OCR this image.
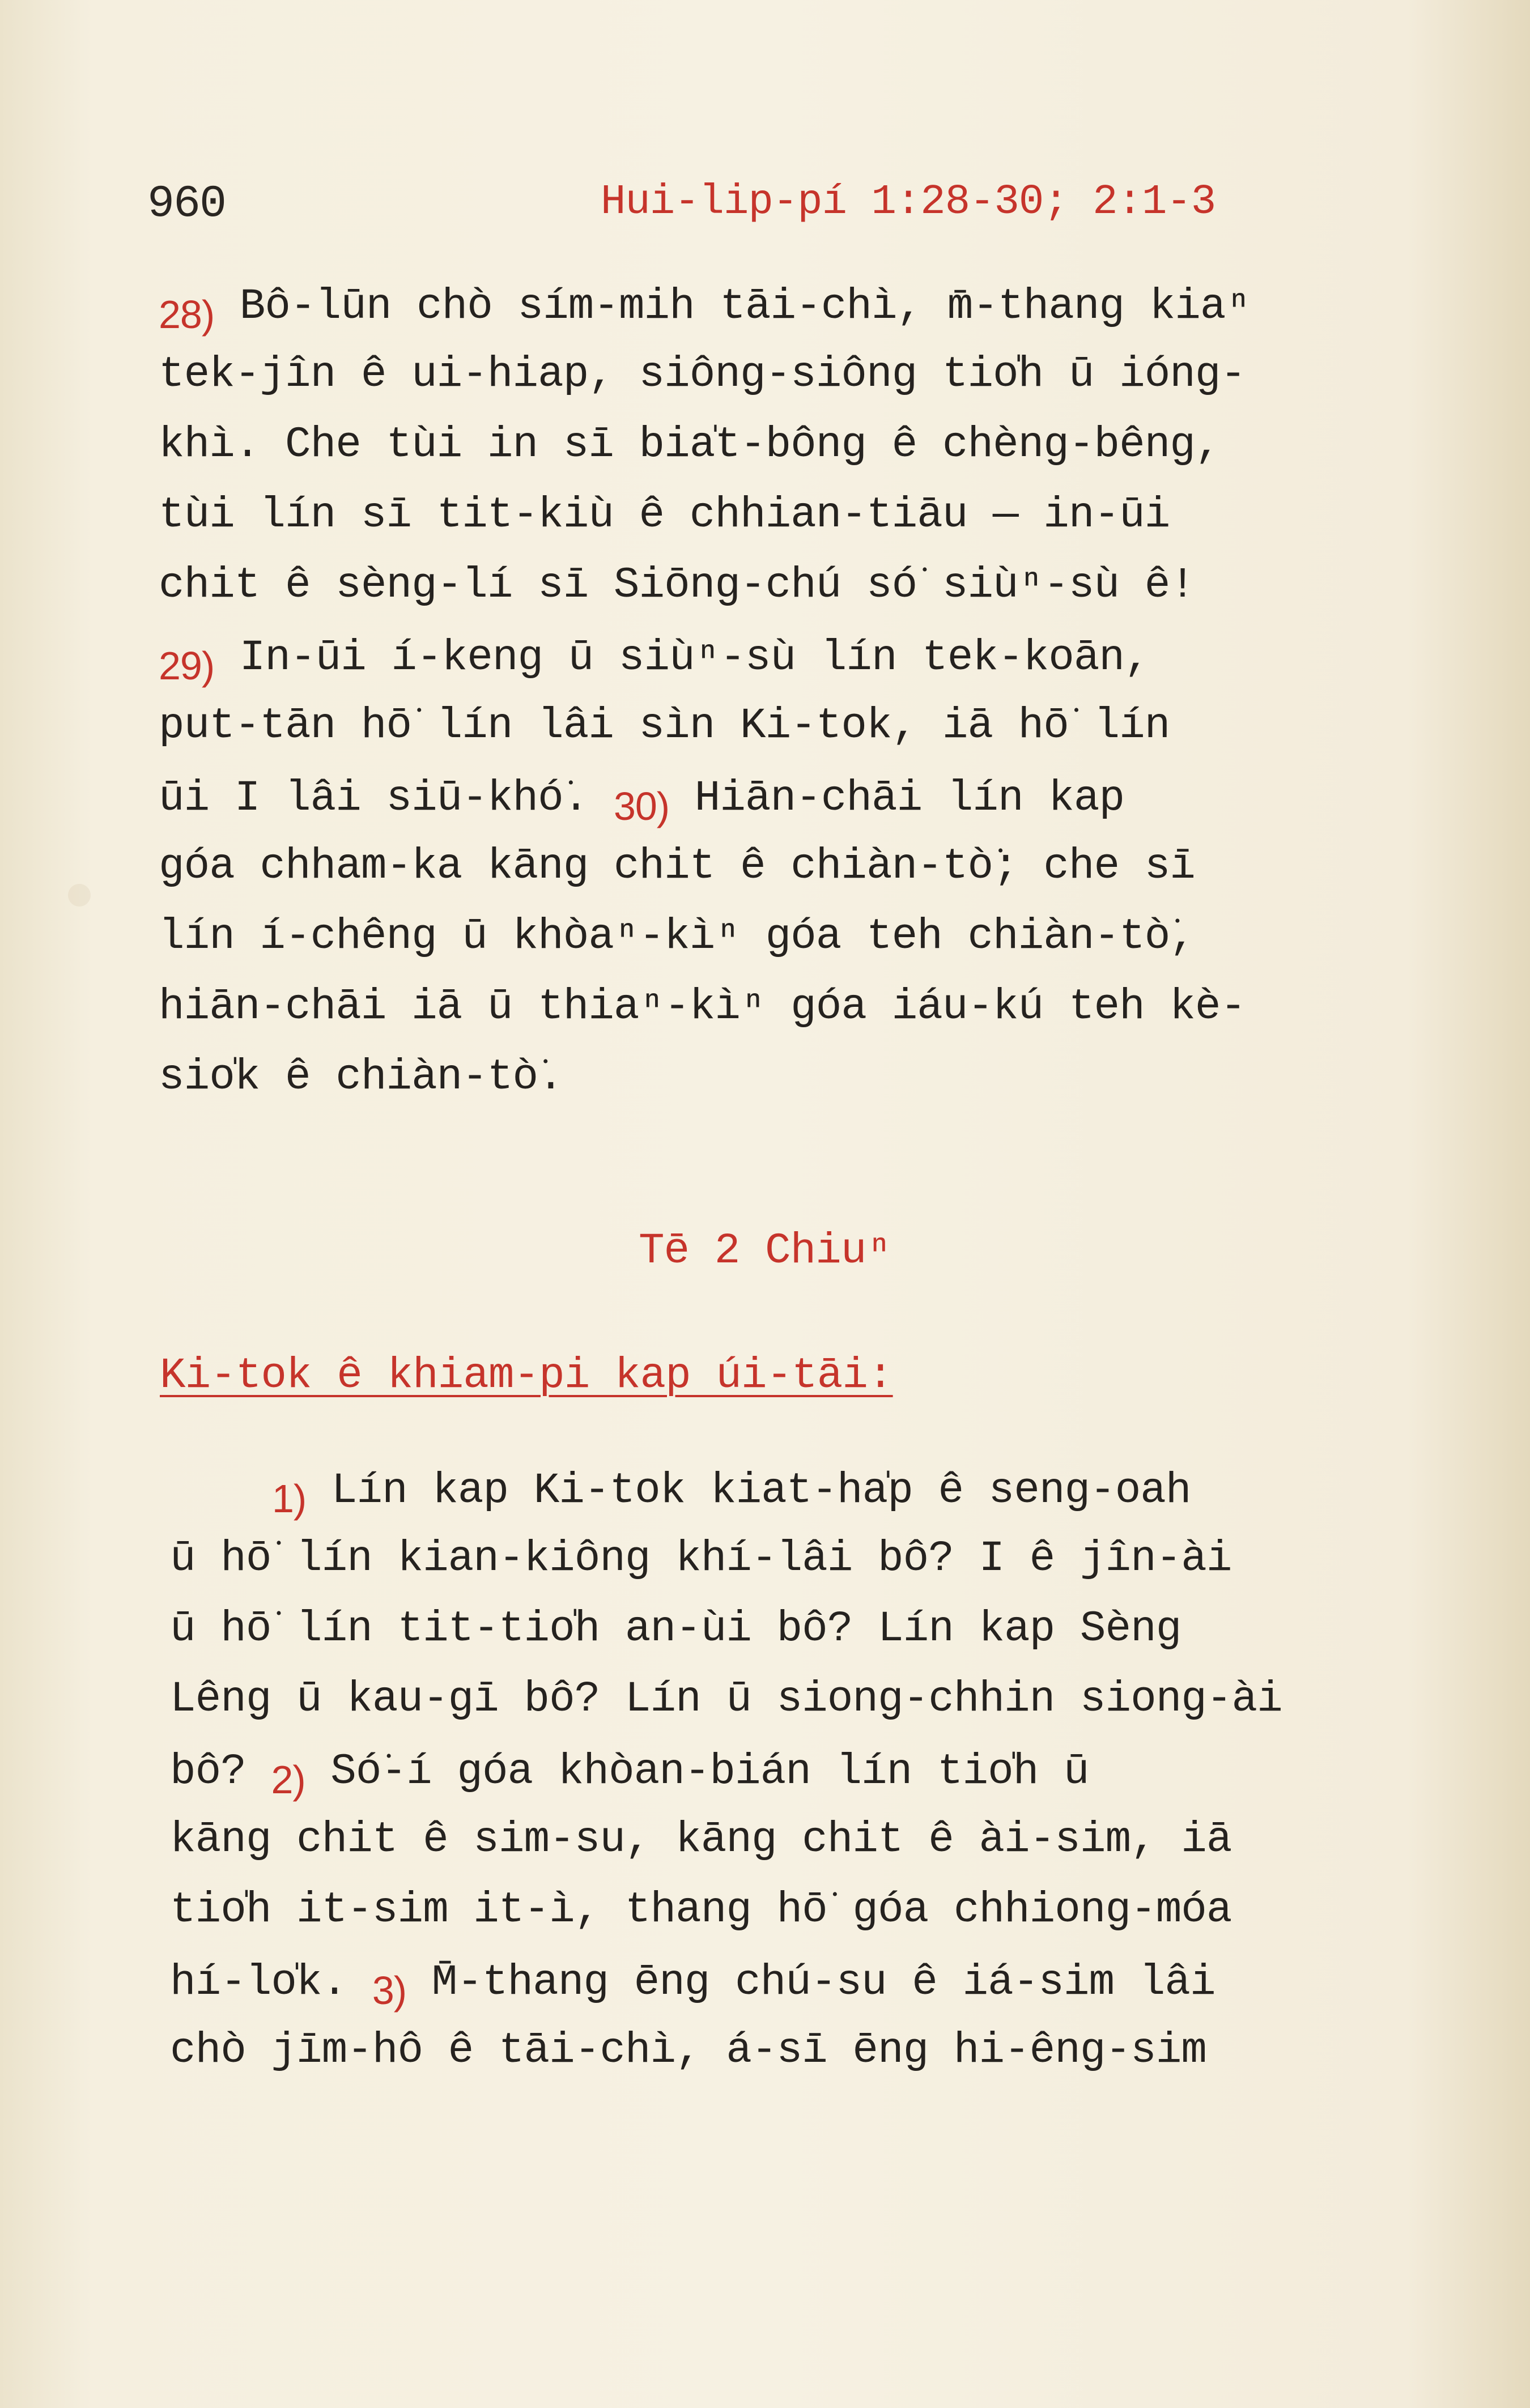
960	Hui-lip-pí 1:28-30; 2:1-3
28) Bô-lūn chò sím-mih tāi-chì, m̄-thang kiaⁿ
tek-jîn ê ui-hiap, siông-siông tio̍h ū ióng-
khì. Che tùi in sī bia̍t-bông ê chèng-bêng,
tùi lín sī tit-kiù ê chhian-tiāu — in-ūi
chit ê sèng-lí sī Siōng-chú só͘ siùⁿ-sù ê!
29) In-ūi í-keng ū siùⁿ-sù lín tek-koān,
put-tān hō͘ lín lâi sìn Ki-tok, iā hō͘ lín
ūi I lâi siū-khó͘. 30) Hiān-chāi lín kap
góa chham-ka kāng chit ê chiàn-tò͘; che sī
lín í-chêng ū khòaⁿ-kìⁿ góa teh chiàn-tò͘,
hiān-chāi iā ū thiaⁿ-kìⁿ góa iáu-kú teh kè-
sio̍k ê chiàn-tò͘.
Tē 2 Chiuⁿ
Ki-tok ê khiam-pi kap úi-tāi:
1) Lín kap Ki-tok kiat-ha̍p ê seng-oah
ū hō͘ lín kian-kiông khí-lâi bô? I ê jîn-ài
ū hō͘ lín tit-tio̍h an-ùi bô? Lín kap Sèng
Lêng ū kau-gī bô? Lín ū siong-chhin siong-ài
bô? 2) Só͘-í góa khòan-bián lín tio̍h ū
kāng chit ê sim-su, kāng chit ê ài-sim, iā
tio̍h it-sim it-ì, thang hō͘ góa chhiong-móa
hí-lo̍k. 3) M̄-thang ēng chú-su ê iá-sim lâi
chò jīm-hô ê tāi-chì, á-sī ēng hi-êng-sim
